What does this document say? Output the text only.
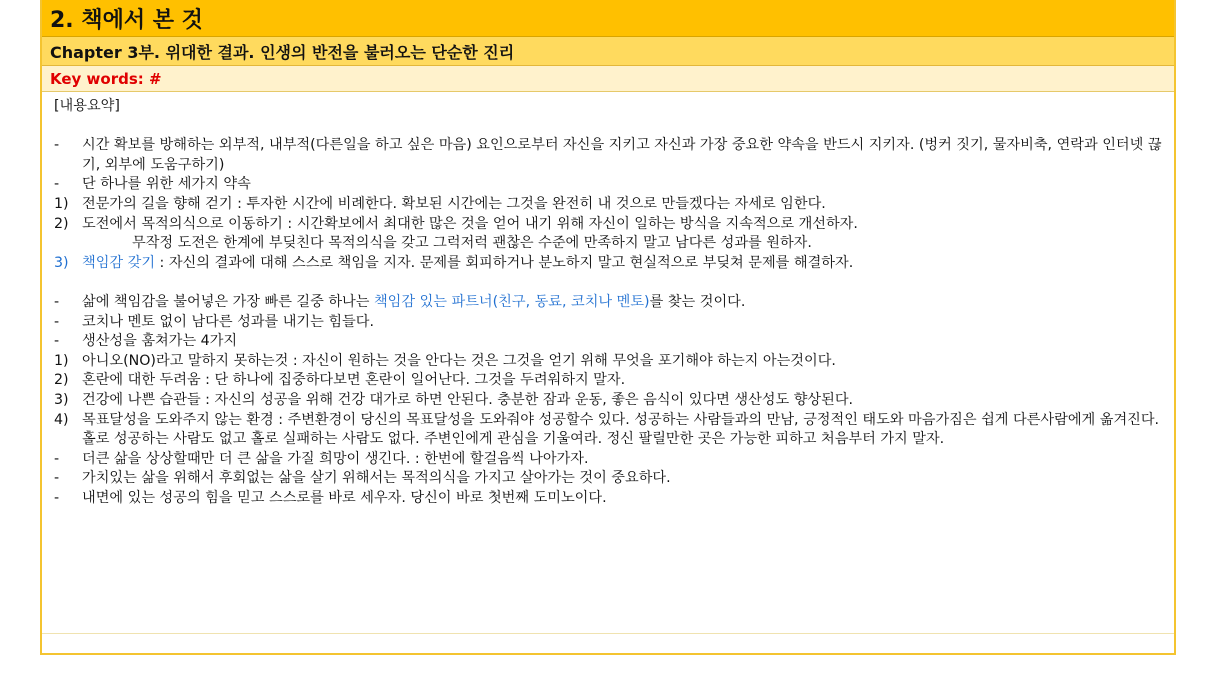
2. 책에서 본 것
Chapter 3부. 위대한 결과. 인생의 반전을 불러오는 단순한 진리
Key words: #
[내용요약]
-	시간 확보를 방해하는 외부적, 내부적(다른일을 하고 싶은 마음) 요인으로부터 자신을 지키고 자신과 가장 중요한 약속을 반드시 지키자. (벙커 짓기, 물자비축, 연락과 인터넷 끊기, 외부에 도움구하기)
-	단 하나를 위한 세가지 약속
1) 전문가의 길을 향해 걷기 : 투자한 시간에 비례한다. 확보된 시간에는 그것을 완전히 내 것으로 만들겠다는 자세로 임한다.
2) 도전에서 목적의식으로 이동하기 : 시간확보에서 최대한 많은 것을 얻어 내기 위해 자신이 일하는 방식을 지속적으로 개선하자.
무작정 도전은 한계에 부딪친다 목적의식을 갖고 그럭저럭 괜찮은 수준에 만족하지 말고 남다른 성과를 원하자.
3) 책임감 갖기 : 자신의 결과에 대해 스스로 책임을 지자. 문제를 회피하거나 분노하지 말고 현실적으로 부딪쳐 문제를 해결하자.
-	삶에 책임감을 불어넣은 가장 빠른 길중 하나는 책임감 있는 파트너(친구, 동료, 코치나 멘토)를 찾는 것이다.
-	코치나 멘토 없이 남다른 성과를 내기는 힘들다.
-	생산성을 훔쳐가는 4가지
1) 아니오(NO)라고 말하지 못하는것 : 자신이 원하는 것을 안다는 것은 그것을 얻기 위해 무엇을 포기해야 하는지 아는것이다.
2) 혼란에 대한 두려움 : 단 하나에 집중하다보면 혼란이 일어난다. 그것을 두려워하지 말자.
3) 건강에 나쁜 습관들 : 자신의 성공을 위해 건강 대가로 하면 안된다. 충분한 잠과 운동, 좋은 음식이 있다면 생산성도 향상된다.
4) 목표달성을 도와주지 않는 환경 : 주변환경이 당신의 목표달성을 도와줘야 성공할수 있다. 성공하는 사람들과의 만남, 긍정적인 태도와 마음가짐은 쉽게 다른사람에게 옮겨진다. 홀로 성공하는 사람도 없고 홀로 실패하는 사람도 없다. 주변인에게 관심을 기울여라. 정신 팔릴만한 곳은 가능한 피하고 처음부터 가지 말자.
-	더큰 삶을 상상할때만 더 큰 삶을 가질 희망이 생긴다. : 한번에 할걸음씩 나아가자.
-	가치있는 삶을 위해서 후회없는 삶을 살기 위해서는 목적의식을 가지고 살아가는 것이 중요하다.
-	내면에 있는 성공의 힘을 믿고 스스로를 바로 세우자. 당신이 바로 첫번째 도미노이다.
